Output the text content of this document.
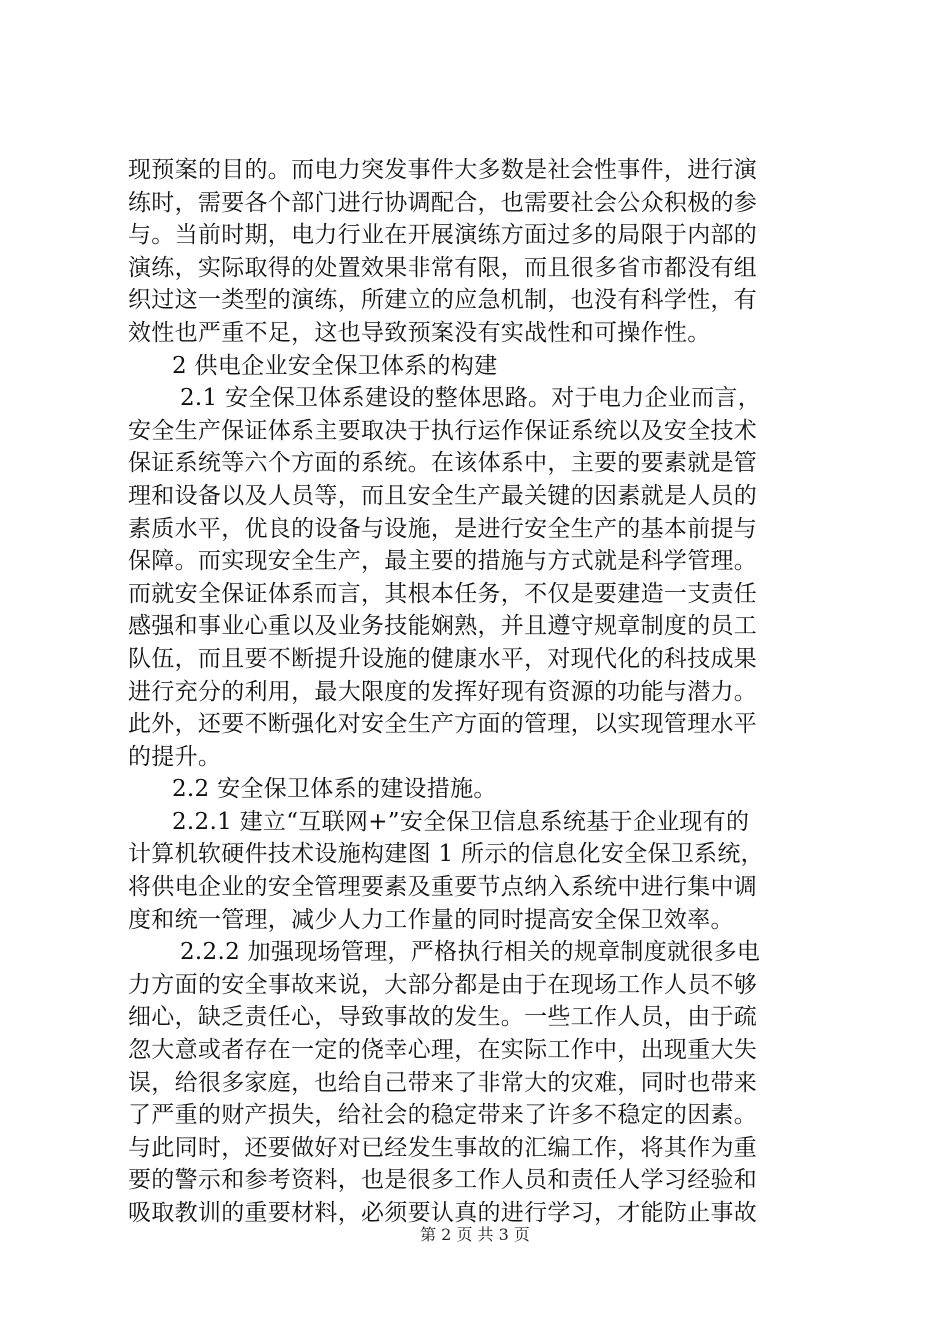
现预案的目的。而电力突发事件大多数是社会性事件，进行演
练时，需要各个部门进行协调配合，也需要社会公众积极的参
与。当前时期，电力行业在开展演练方面过多的局限于内部的
演练，实际取得的处置效果非常有限，而且很多省市都没有组
织过这一类型的演练，所建立的应急机制，也没有科学性，有
效性也严重不足，这也导致预案没有实战性和可操作性。
2 供电企业安全保卫体系的构建
2.1 安全保卫体系建设的整体思路。对于电力企业而言，
安全生产保证体系主要取决于执行运作保证系统以及安全技术
保证系统等六个方面的系统。在该体系中，主要的要素就是管
理和设备以及人员等，而且安全生产最关键的因素就是人员的
素质水平，优良的设备与设施，是进行安全生产的基本前提与
保障。而实现安全生产，最主要的措施与方式就是科学管理。
而就安全保证体系而言，其根本任务，不仅是要建造一支责任
感强和事业心重以及业务技能娴熟，并且遵守规章制度的员工
队伍，而且要不断提升设施的健康水平，对现代化的科技成果
进行充分的利用，最大限度的发挥好现有资源的功能与潜力。
此外，还要不断强化对安全生产方面的管理，以实现管理水平
的提升。
2.2 安全保卫体系的建设措施。
2.2.1 建立“互联网+”安全保卫信息系统基于企业现有的
计算机软硬件技术设施构建图 1 所示的信息化安全保卫系统，
将供电企业的安全管理要素及重要节点纳入系统中进行集中调
度和统一管理，减少人力工作量的同时提高安全保卫效率。
2.2.2 加强现场管理，严格执行相关的规章制度就很多电
力方面的安全事故来说，大部分都是由于在现场工作人员不够
细心，缺乏责任心，导致事故的发生。一些工作人员，由于疏
忽大意或者存在一定的侥幸心理，在实际工作中，出现重大失
误，给很多家庭，也给自己带来了非常大的灾难，同时也带来
了严重的财产损失，给社会的稳定带来了许多不稳定的因素。
与此同时，还要做好对已经发生事故的汇编工作，将其作为重
要的警示和参考资料，也是很多工作人员和责任人学习经验和
吸取教训的重要材料，必须要认真的进行学习，才能防止事故
第 2 页 共 3 页
